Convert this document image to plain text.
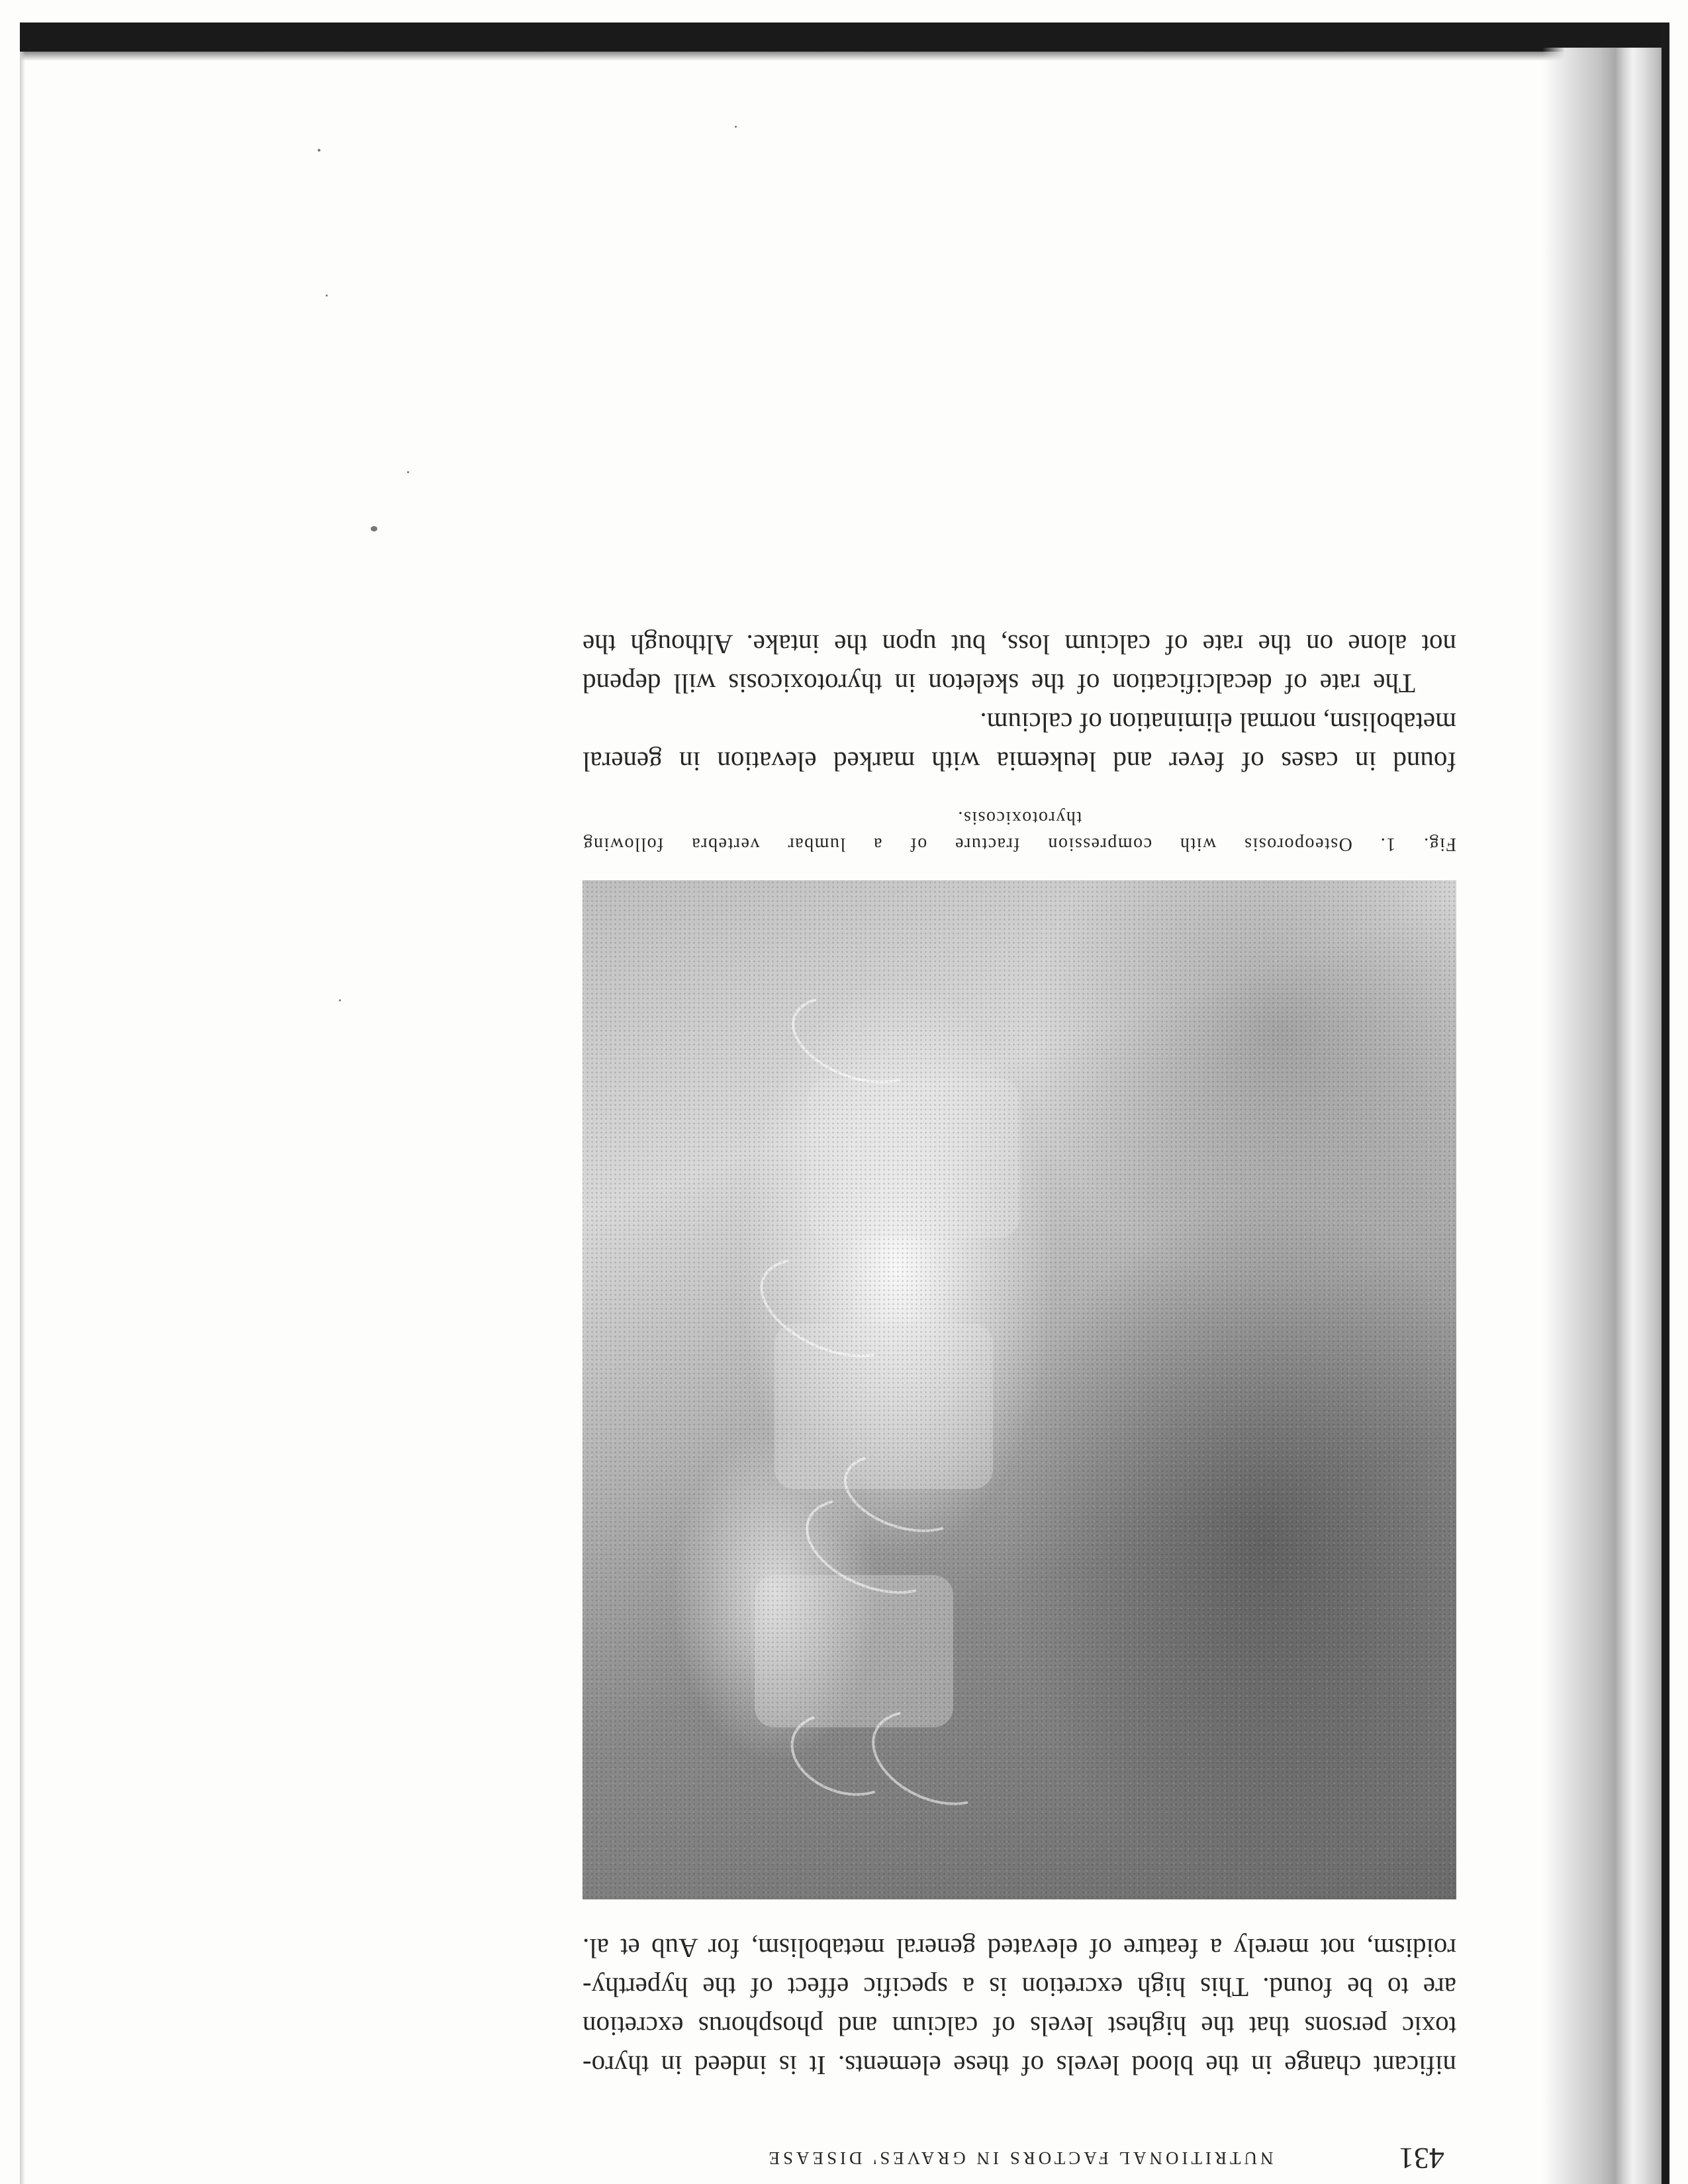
NUTRITIONAL FACTORS IN GRAVES' DISEASE	431
nificant change in the blood levels of these elements. It is indeed in thyro-
toxic persons that the highest levels of calcium and phosphorus excretion
are to be found. This high excretion is a specific effect of the hyperthy-
roidism, not merely a feature of elevated general metabolism, for Aub et al.
Fig. 1. Osteoporosis with compression fracture of a lumbar vertebra following
thyrotoxicosis.
found in cases of fever and leukemia with marked elevation in general
metabolism, normal elimination of calcium.
The rate of decalcification of the skeleton in thyrotoxicosis will depend
not alone on the rate of calcium loss, but upon the intake. Although the
